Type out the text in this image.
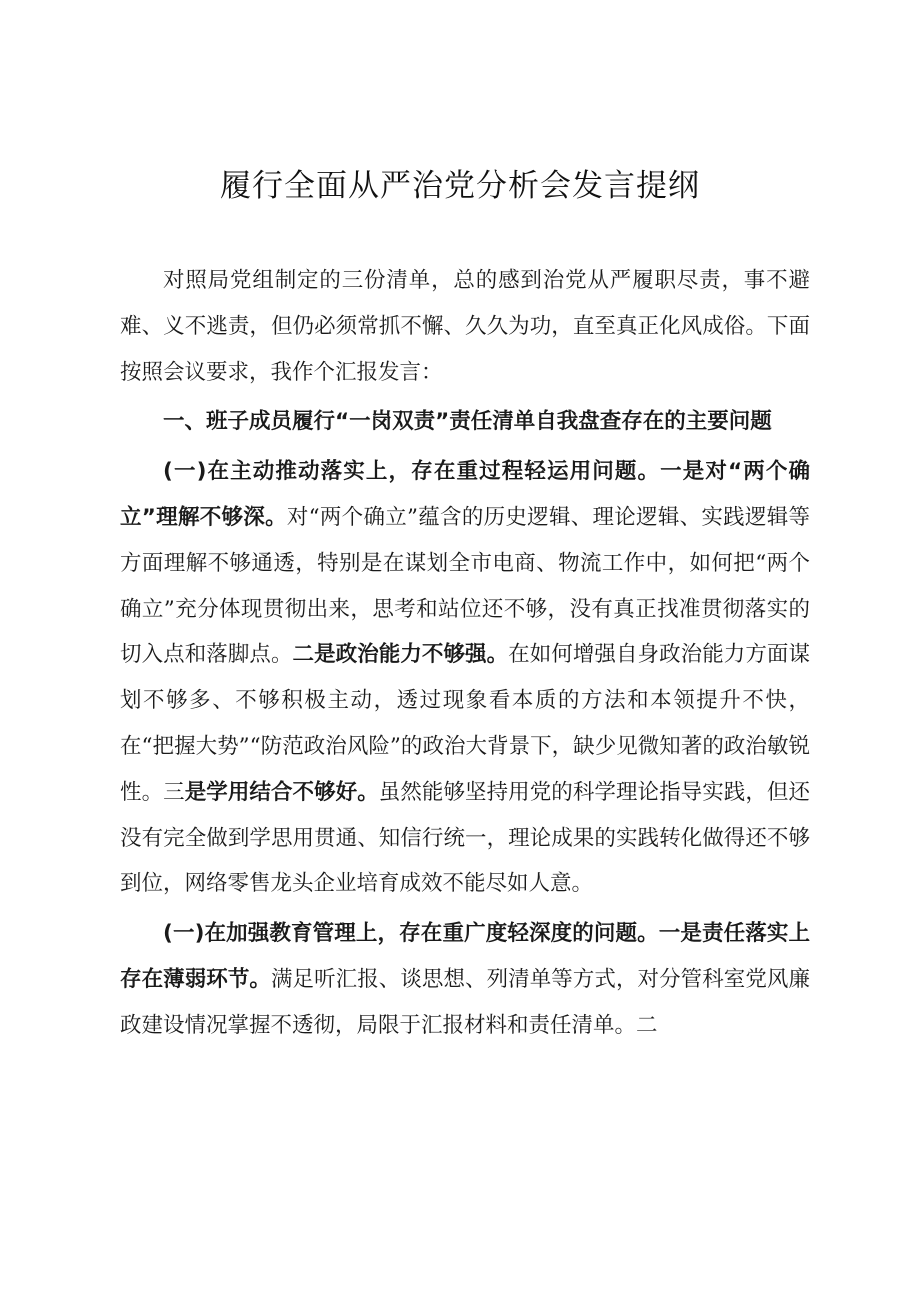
履行全面从严治党分析会发言提纲

对照局党组制定的三份清单，总的感到治党从严履职尽责，事不避难、义不逃责，但仍必须常抓不懈、久久为功，直至真正化风成俗。下面按照会议要求，我作个汇报发言：

一、班子成员履行“一岗双责”责任清单自我盘查存在的主要问题

(一)在主动推动落实上，存在重过程轻运用问题。一是对“两个确立”理解不够深。对“两个确立”蕴含的历史逻辑、理论逻辑、实践逻辑等方面理解不够通透，特别是在谋划全市电商、物流工作中，如何把“两个确立”充分体现贯彻出来，思考和站位还不够，没有真正找准贯彻落实的切入点和落脚点。二是政治能力不够强。在如何增强自身政治能力方面谋划不够多、不够积极主动，透过现象看本质的方法和本领提升不快，在“把握大势”“防范政治风险”的政治大背景下，缺少见微知著的政治敏锐性。三是学用结合不够好。虽然能够坚持用党的科学理论指导实践，但还没有完全做到学思用贯通、知信行统一，理论成果的实践转化做得还不够到位，网络零售龙头企业培育成效不能尽如人意。

(一)在加强教育管理上，存在重广度轻深度的问题。一是责任落实上存在薄弱环节。满足听汇报、谈思想、列清单等方式，对分管科室党风廉政建设情况掌握不透彻，局限于汇报材料和责任清单。二
